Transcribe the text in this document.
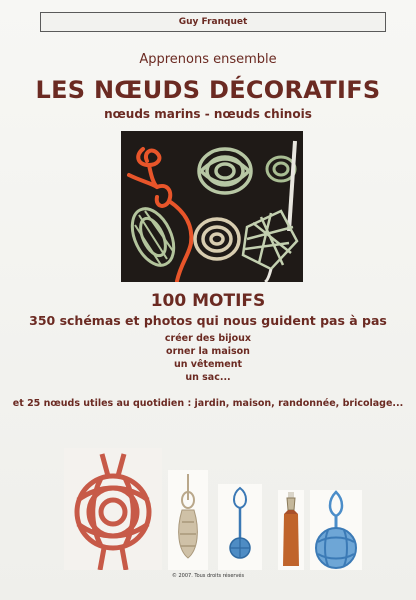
Guy Franquet
Apprenons ensemble
LES NŒUDS DÉCORATIFS
nœuds marins - nœuds chinois
100 MOTIFS
350 schémas et photos qui nous guident pas à pas
créer des bijoux
orner la maison
un vêtement
un sac...
et 25 nœuds utiles au quotidien : jardin, maison, randonnée, bricolage...
© 2007. Tous droits réservés
